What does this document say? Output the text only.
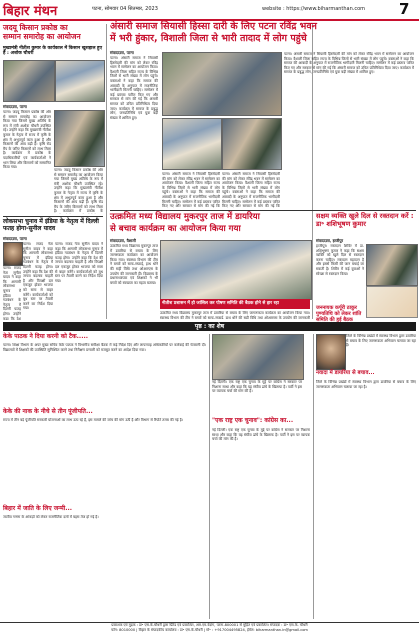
बिहार मंथन	पटना, सोमवार 04 सितम्बर, 2023	website : https://www.biharmanthan.com 7
जदयू किसान प्रकोष्ठ का
सम्मान समारोह का आयोजन
मुख्यमंत्री नीतीश कुमार के कार्यकाल में किसान खुशहाल हुए हैं : अशोक चौधरी
संवाददाता, पटना
पटना। जदयू किसान प्रकोष्ठ की ओर से सम्मान समारोह का आयोजन किया गया जिसमें मुख्य अतिथि के रूप में मंत्री अशोक चौधरी उपस्थित रहे। उन्होंने कहा कि मुख्यमंत्री नीतीश कुमार के नेतृत्व में राज्य में कृषि के क्षेत्र में अभूतपूर्व काम हुआ है और किसानों की आय बढ़ी है। कृषि रोड मैप के जरिए किसानों को लाभ मिला है। कार्यक्रम में प्रकोष्ठ के पदाधिकारियों एवं कार्यकर्ताओं ने भाग लिया और किसानों को सम्मानित किया गया।
पटना। जदयू किसान प्रकोष्ठ की ओर से सम्मान समारोह का आयोजन किया गया जिसमें मुख्य अतिथि के रूप में मंत्री अशोक चौधरी उपस्थित रहे। उन्होंने कहा कि मुख्यमंत्री नीतीश कुमार के नेतृत्व में राज्य में कृषि के क्षेत्र में अभूतपूर्व काम हुआ है और किसानों की आय बढ़ी है। कृषि रोड मैप के जरिए किसानों को लाभ मिला है। कार्यक्रम में प्रकोष्ठ के
लोकसभा चुनाव में इंडिया के नेतृत्व में दिल्ली फतह होगा-सुनील यादव
संवाददाता, पटना
पटना। राजद नेता सुनील यादव ने कहा कि आगामी लोकसभा चुनाव में इंडिया गठबंधन के नेतृत्व में दिल्ली फतह होगा। उन्होंने कहा कि देश की जनता बदलाव चाहती है और विपक्षी दल एकजुट होकर भाजपा को सत्ता से बाहर करेंगे। कार्यकर्ताओं को बूथ स्तर पर तैयारी करने का निर्देश दिया गया।
पटना। राजद नेता सुनील यादव ने कहा कि आगामी लोकसभा चुनाव में इंडिया गठबंधन के नेतृत्व में दिल्ली फतह होगा। उन्होंने कहा कि देश
पटना। राजद नेता सुनील यादव ने कहा कि आगामी लोकसभा चुनाव में इंडिया गठबंधन के नेतृत्व में दिल्ली फतह होगा। उन्होंने कहा कि देश की जनता बदलाव चाहती है और विपक्षी दल एकजुट होकर भाजपा को सत्ता से बाहर करेंगे। कार्यकर्ताओं को बूथ स्तर पर तैयारी करने का निर्देश दिया गया।
अंसारी समाज सियासी हिस्सा दारी के लिए पटना रविंद्र भवन
में भरी हुंकार, विशाली जिला से भारी तादाद में लोग पहुंचे
संवाददाता, पटना
पटना। अंसारी समाज ने सियासी हिस्सेदारी की मांग को लेकर रविंद्र भवन में सम्मेलन का आयोजन किया। वैशाली जिला सहित राज्य के विभिन्न जिलों से भारी संख्या में लोग पहुंचे। वक्ताओं ने कहा कि समाज की आबादी के अनुपात में राजनीतिक भागीदारी मिलनी चाहिए। सम्मेलन में कई प्रस्ताव पारित किए गए और सरकार से मांग की गई कि अंसारी समाज को उचित प्रतिनिधित्व दिया जाए। कार्यक्रम में समाज के प्रबुद्ध लोग, जनप्रतिनिधि एवं युवा बड़ी संख्या में शामिल हुए।
पटना। अंसारी समाज ने सियासी हिस्सेदारी की मांग को लेकर रविंद्र भवन में सम्मेलन का आयोजन किया। वैशाली जिला सहित राज्य के विभिन्न जिलों से भारी संख्या में लोग पहुंचे। वक्ताओं ने कहा कि समाज की आबादी के अनुपात में राजनीतिक भागीदारी मिलनी चाहिए। सम्मेलन में कई प्रस्ताव पारित किए गए और सरकार से मांग की गई कि
पटना। अंसारी समाज ने सियासी हिस्सेदारी की मांग को लेकर रविंद्र भवन में सम्मेलन का आयोजन किया। वैशाली जिला सहित राज्य के विभिन्न जिलों से भारी संख्या में लोग पहुंचे। वक्ताओं ने कहा कि समाज की आबादी के अनुपात में राजनीतिक भागीदारी मिलनी चाहिए। सम्मेलन में कई प्रस्ताव पारित किए गए और सरकार से मांग की गई कि
पटना। अंसारी समाज ने सियासी हिस्सेदारी की मांग को लेकर रविंद्र भवन में सम्मेलन का आयोजन किया। वैशाली जिला सहित राज्य के विभिन्न जिलों से भारी संख्या में लोग पहुंचे। वक्ताओं ने कहा कि समाज की आबादी के अनुपात में राजनीतिक भागीदारी मिलनी चाहिए। सम्मेलन में कई प्रस्ताव पारित किए गए और सरकार से मांग की गई कि अंसारी समाज को उचित प्रतिनिधित्व दिया जाए। कार्यक्रम में समाज के प्रबुद्ध लोग, जनप्रतिनिधि एवं युवा बड़ी संख्या में शामिल हुए।
उत्क्रमित मध्य विद्यालय मुकरपुर ताज में डायरिया
से बचाव कार्यक्रम का आयोजन किया गया
संवाददाता, वैशाली
उत्क्रमित मध्य विद्यालय मुकरपुर ताज में डायरिया से बचाव के लिए जागरूकता कार्यक्रम का आयोजन किया गया। स्वास्थ्य विभाग की टीम ने बच्चों को साफ-सफाई, हाथ धोने की सही विधि तथा ओआरएस के उपयोग की जानकारी दी। विद्यालय के प्रधानाध्यापक एवं शिक्षकों ने भी बच्चों को स्वच्छता का महत्व बताया।
नीतीश प्रशासन में हो जांसिल कर पोषण समिति की बैठक होने से हार रहा
उत्क्रमित मध्य विद्यालय मुकरपुर ताज में डायरिया से बचाव के लिए जागरूकता कार्यक्रम का आयोजन किया गया। स्वास्थ्य विभाग की टीम ने बच्चों को साफ-सफाई, हाथ धोने की सही विधि तथा ओआरएस के उपयोग की जानकारी
सक्षम व्यक्ति खुले दिल से रक्तदान करें : डा॰ शशिभूषण कुमार
संवाददाता, हाजीपुर
हाजीपुर। रक्तदान शिविर में डा. शशिभूषण कुमार ने कहा कि सक्षम व्यक्ति को खुले दिल से रक्तदान करना चाहिए। रक्तदान महादान है और इससे किसी की जान बचाई जा सकती है। शिविर में कई युवाओं ने स्वेच्छा से रक्तदान किया।
जननायक कर्पूरी ठाकुर पुण्यतिथि को लेकर शांति समिति की हुई बैठक
पृष्ठ : का शेष
केके पाठक ने दिया करनी को टैक.....
पटना। शिक्षा विभाग के अपर मुख्य सचिव केके पाठक ने विभागीय समीक्षा बैठक में कई निर्देश दिए और लापरवाह अधिकारियों पर कार्रवाई की चेतावनी दी। विद्यालयों में शिक्षकों की उपस्थिति सुनिश्चित करने तथा निरीक्षण प्रणाली को मजबूत करने का आदेश दिया गया।
केके की नाक के नीचे से तीन पूंजीपति...
राज्य में तीन बड़े पूंजीपति सरकारी योजनाओं का लाभ उठा रहे हैं, इस मामले की जांच की मांग उठी है और विभाग से रिपोर्ट तलब की गई है।
बिहार में जाति के लिए जन्मी...
जातीय गणना के आंकड़ों को लेकर राजनीतिक दलों में बहस तेज हो गई है।
नई दिल्ली। एक राष्ट्र एक चुनाव के मुद्दे पर कांग्रेस ने सरकार पर निशाना साधा और कहा कि यह संघीय ढांचे के खिलाफ है। पार्टी ने इस पर व्यापक चर्चा की मांग की है।
"एक राष्ट्र एक चुनाव": कांग्रेस का...
नई दिल्ली। एक राष्ट्र एक चुनाव के मुद्दे पर कांग्रेस ने सरकार पर निशाना साधा और कहा कि यह संघीय ढांचे के खिलाफ है। पार्टी ने इस पर व्यापक चर्चा की मांग की है।
जिले के विभिन्न प्रखंडों में स्वास्थ्य विभाग द्वारा डायरिया से बचाव के लिए जागरूकता अभियान चलाया जा रहा है।
नवादा में डायरिया से बचाव...
जिले के विभिन्न प्रखंडों में स्वास्थ्य विभाग द्वारा डायरिया से बचाव के लिए जागरूकता अभियान चलाया जा रहा है।
प्रकाशक एवं मुद्रक : डा॰ एस.के.चौधरी द्वारा प्रिंटेड एवं प्रकाशित, आर.एम.वेदांग, पटना-800001 से मुद्रित एवं प्रकाशित। संपादक : डा॰ एस.के. चौधरी
फोन: 8010000 | बिहार के संपादकीय कार्यालय : डा॰ एस.के.चौधरी | मो॰ : +917004495824, ईमेल: biharmanthan.in@gmail.com
